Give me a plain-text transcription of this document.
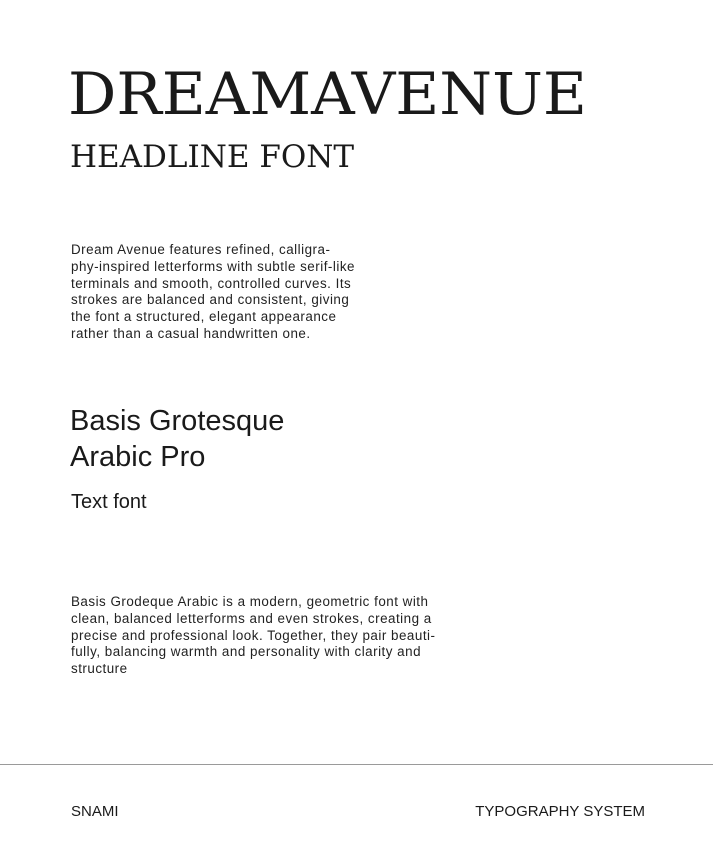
DREAMAVENUE
HEADLINE FONT

Dream Avenue features refined, calligra-
phy-inspired letterforms with subtle serif-like
terminals and smooth, controlled curves. Its
strokes are balanced and consistent, giving
the font a structured, elegant appearance
rather than a casual handwritten one.

Basis Grotesque
Arabic Pro

Text font

Basis Grodeque Arabic is a modern, geometric font with
clean, balanced letterforms and even strokes, creating a
precise and professional look. Together, they pair beauti-
fully, balancing warmth and personality with clarity and
structure

SNAMI	TYPOGRAPHY SYSTEM
